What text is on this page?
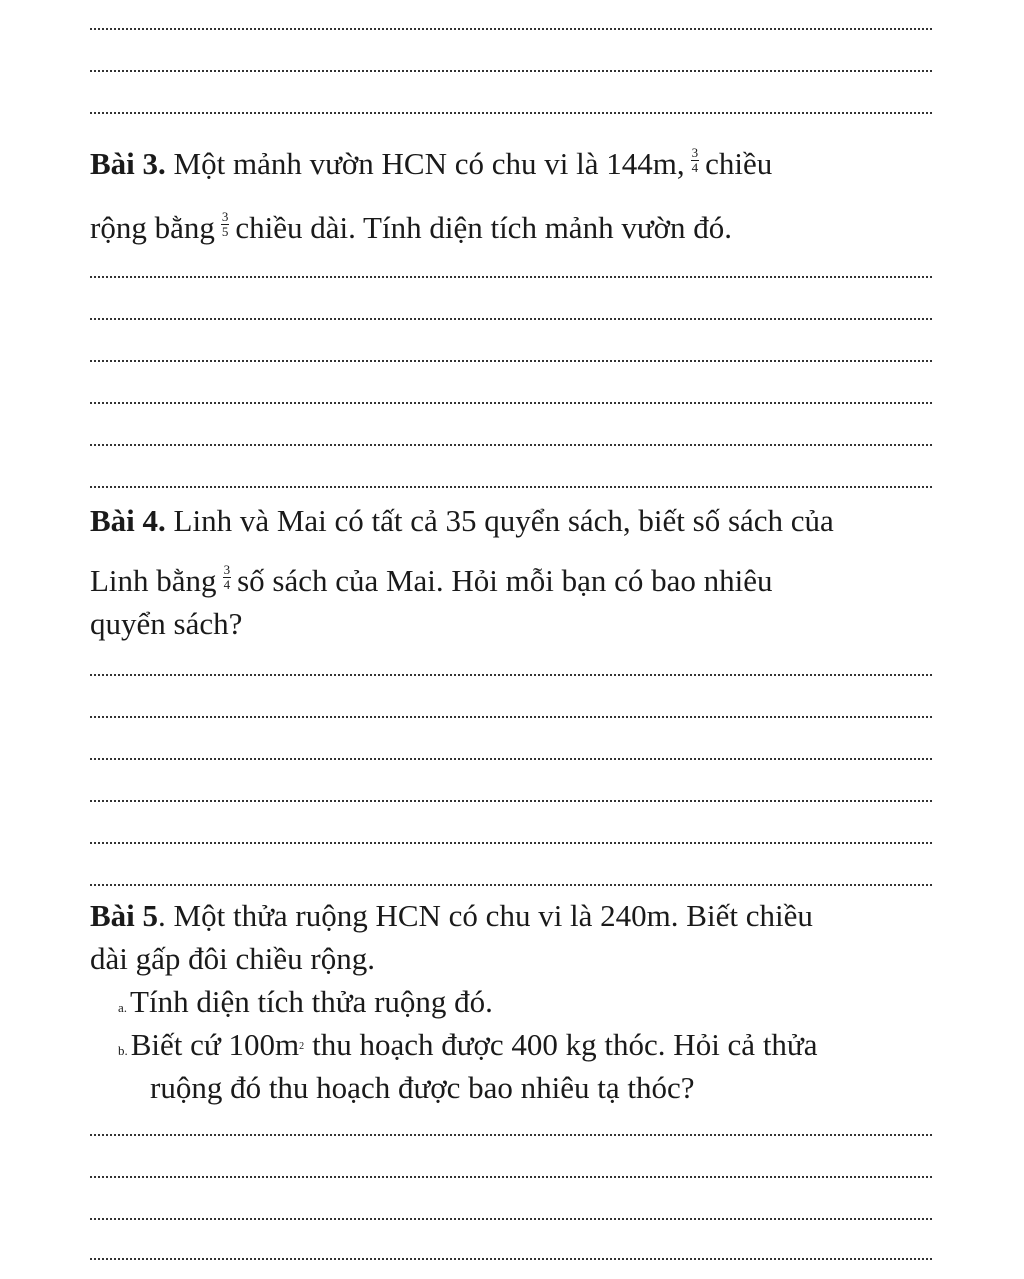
Bài 3. Một mảnh vườn HCN có chu vi là 144m, $\frac{3}{4}$ chiều
rộng bằng $\frac{3}{5}$ chiều dài. Tính diện tích mảnh vườn đó.
Bài 4. Linh và Mai có tất cả 35 quyển sách, biết số sách của
Linh bằng $\frac{3}{4}$ số sách của Mai. Hỏi mỗi bạn có bao nhiêu
quyển sách?
Bài 5. Một thửa ruộng HCN có chu vi là 240m. Biết chiều
dài gấp đôi chiều rộng.
a.Tính diện tích thửa ruộng đó.
b.Biết cứ $100m^2$ thu hoạch được 400 kg thóc. Hỏi cả thửa
ruộng đó thu hoạch được bao nhiêu tạ thóc?
